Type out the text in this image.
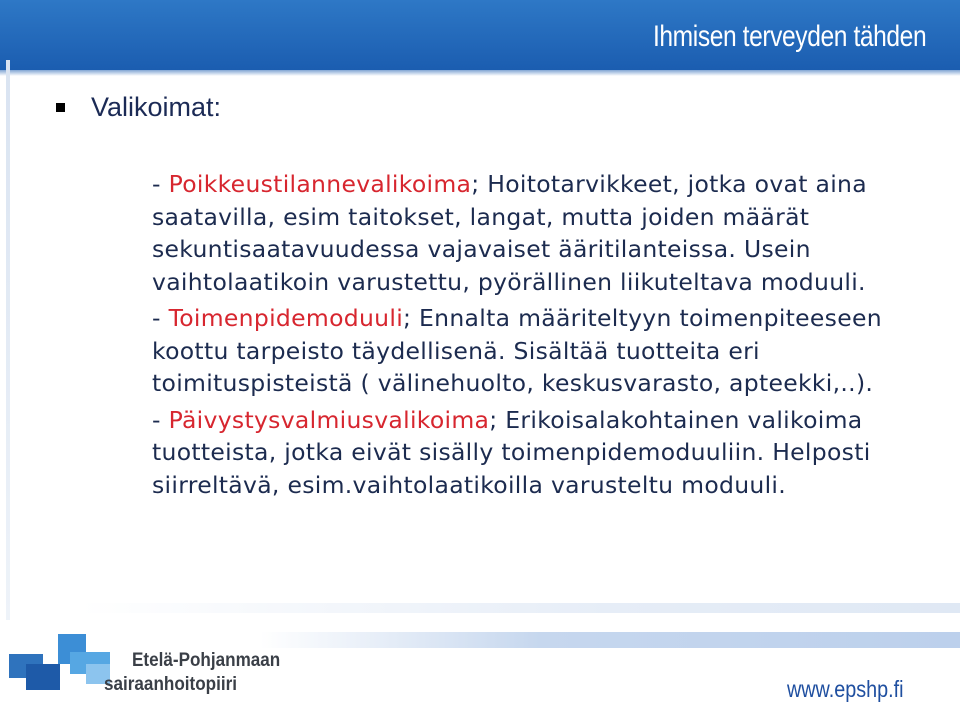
Ihmisen terveyden tähden
Valikoimat:

- Poikkeustilannevalikoima; Hoitotarvikkeet, jotka ovat aina saatavilla, esim taitokset, langat, mutta joiden määrät sekuntisaatavuudessa vajavaiset ääritilanteissa. Usein vaihtolaatikoin varustettu, pyörällinen liikuteltava moduuli.

- Toimenpidemoduuli; Ennalta määriteltyyn toimenpiteeseen koottu tarpeisto täydellisenä. Sisältää tuotteita eri toimituspisteistä ( välinehuolto, keskusvarasto, apteekki,..).

- Päivystysvalmiusvalikoima; Erikoisalakohtainen valikoima tuotteista, jotka eivät sisälly toimenpidemoduuliin. Helposti siirreltävä, esim.vaihtolaatikoilla varusteltu moduuli.

Etelä-Pohjanmaan
sairaanhoitopiiri	www.epshp.fi
